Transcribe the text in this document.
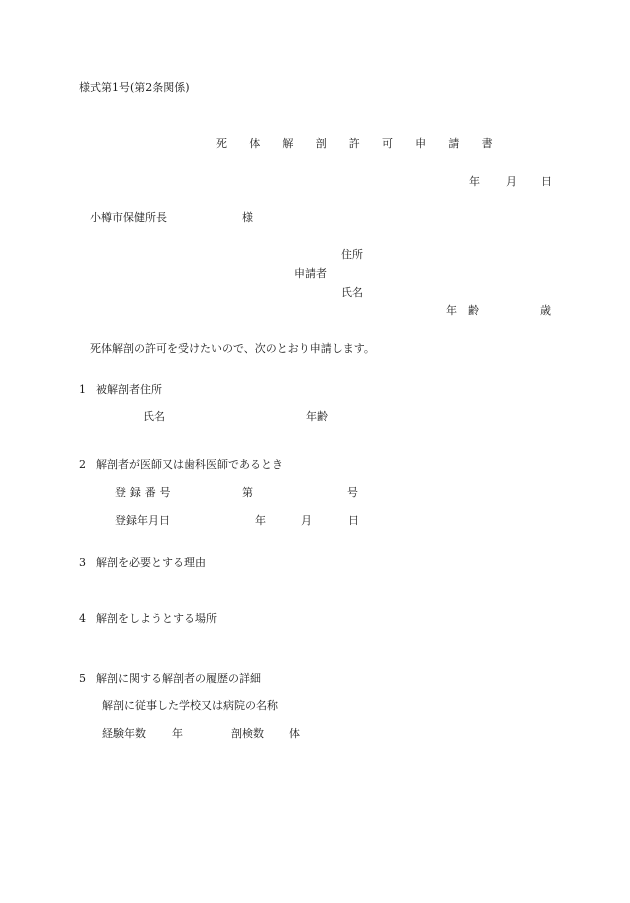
様式第1号(第2条関係)
死 体 解 剖 許 可 申 請 書
年 月 日
小樽市保健所長	様
住所
申請者
氏名
年　齢	歳
死体解剖の許可を受けたいので、次のとおり申請します。
1 被解剖者住所
氏名	年齢
2 解剖者が医師又は歯科医師であるとき
登録番号	第	号
登録年月日	年	月	日
3 解剖を必要とする理由
4 解剖をしようとする場所
5 解剖に関する解剖者の履歴の詳細
解剖に従事した学校又は病院の名称
経験年数 年	剖検数 体
